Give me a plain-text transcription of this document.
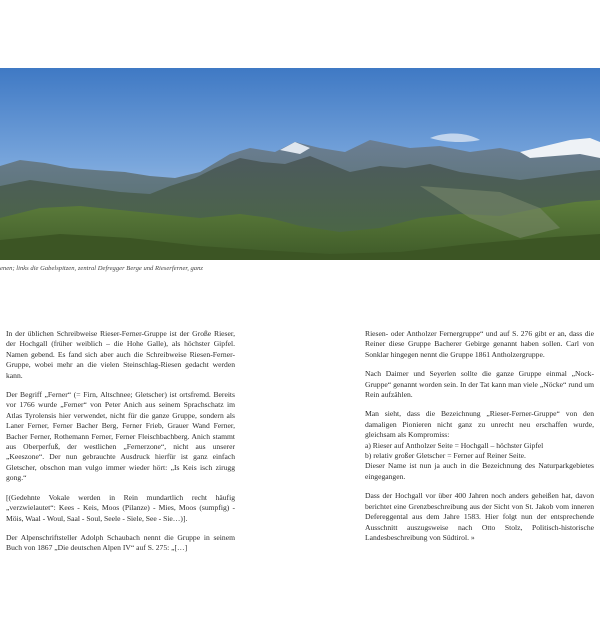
enen; links die Gabelspitzen, zentral Defregger Berge und Rieserferner, ganz

In der üblichen Schreibweise Rieser-Ferner-Gruppe ist der Große Rieser, der Hochgall (früher weiblich – die Hohe Galle), als höchster Gipfel. Namen gebend. Es fand sich aber auch die Schreibweise Riesen-Ferner-Gruppe, wobei mehr an die vielen Steinschlag-Riesen gedacht werden kann.

Der Begriff „Ferner“ (= Firn, Altschnee; Gletscher) ist ortsfremd. Bereits vor 1766 wurde „Ferner“ von Peter Anich aus seinem Sprachschatz im Atlas Tyrolensis hier verwendet, nicht für die ganze Gruppe, sondern als Laner Ferner, Ferner Bacher Berg, Ferner Frieb, Grauer Wand Ferner, Bacher Ferner, Rothemann Ferner, Ferner Fleischbachberg. Anich stammt aus Oberperfuß, der westlichen „Fernerzone“, nicht aus unserer „Keeszone“. Der nun gebrauchte Ausdruck hierfür ist ganz einfach Gletscher, obschon man vulgo immer wieder hört: „Is Keis isch zirugg gong.“

[(Gedehnte Vokale werden in Rein mundartlich recht häufig „verzwielautet“: Kees - Keis, Moos (Pilanze) - Mies, Moos (sumpfig) - Möis, Waal - Woul, Saal - Soul, Seele - Siele, See - Sie…)].

Der Alpenschriftsteller Adolph Schaubach nennt die Gruppe in seinem Buch von 1867 „Die deutschen Alpen IV“ auf S. 275: „[…]

Riesen- oder Antholzer Fernergruppe“ und auf S. 276 gibt er an, dass die Reiner diese Gruppe Bacherer Gebirge genannt haben sollen. Carl von Sonklar hingegen nennt die Gruppe 1861 Antholzergruppe.

Nach Daimer und Seyerlen sollte die ganze Gruppe einmal „Nock-Gruppe“ genannt worden sein. In der Tat kann man viele „Nöcke“ rund um Rein aufzählen.

Man sieht, dass die Bezeichnung „Rieser-Ferner-Gruppe“ von den damaligen Pionieren nicht ganz zu unrecht neu erschaffen wurde, gleichsam als Kompromiss:

a) Rieser auf Antholzer Seite = Hochgall – höchster Gipfel
b) relativ großer Gletscher = Ferner auf Reiner Seite.
Dieser Name ist nun ja auch in die Bezeichnung des Naturparkgebietes eingegangen.

Dass der Hochgall vor über 400 Jahren noch anders geheißen hat, davon berichtet eine Grenzbeschreibung aus der Sicht von St. Jakob vom inneren Defereggental aus dem Jahre 1583. Hier folgt nun der entsprechende Ausschnitt auszugsweise nach Otto Stolz, Politisch-historische Landesbeschreibung von Südtirol. »
